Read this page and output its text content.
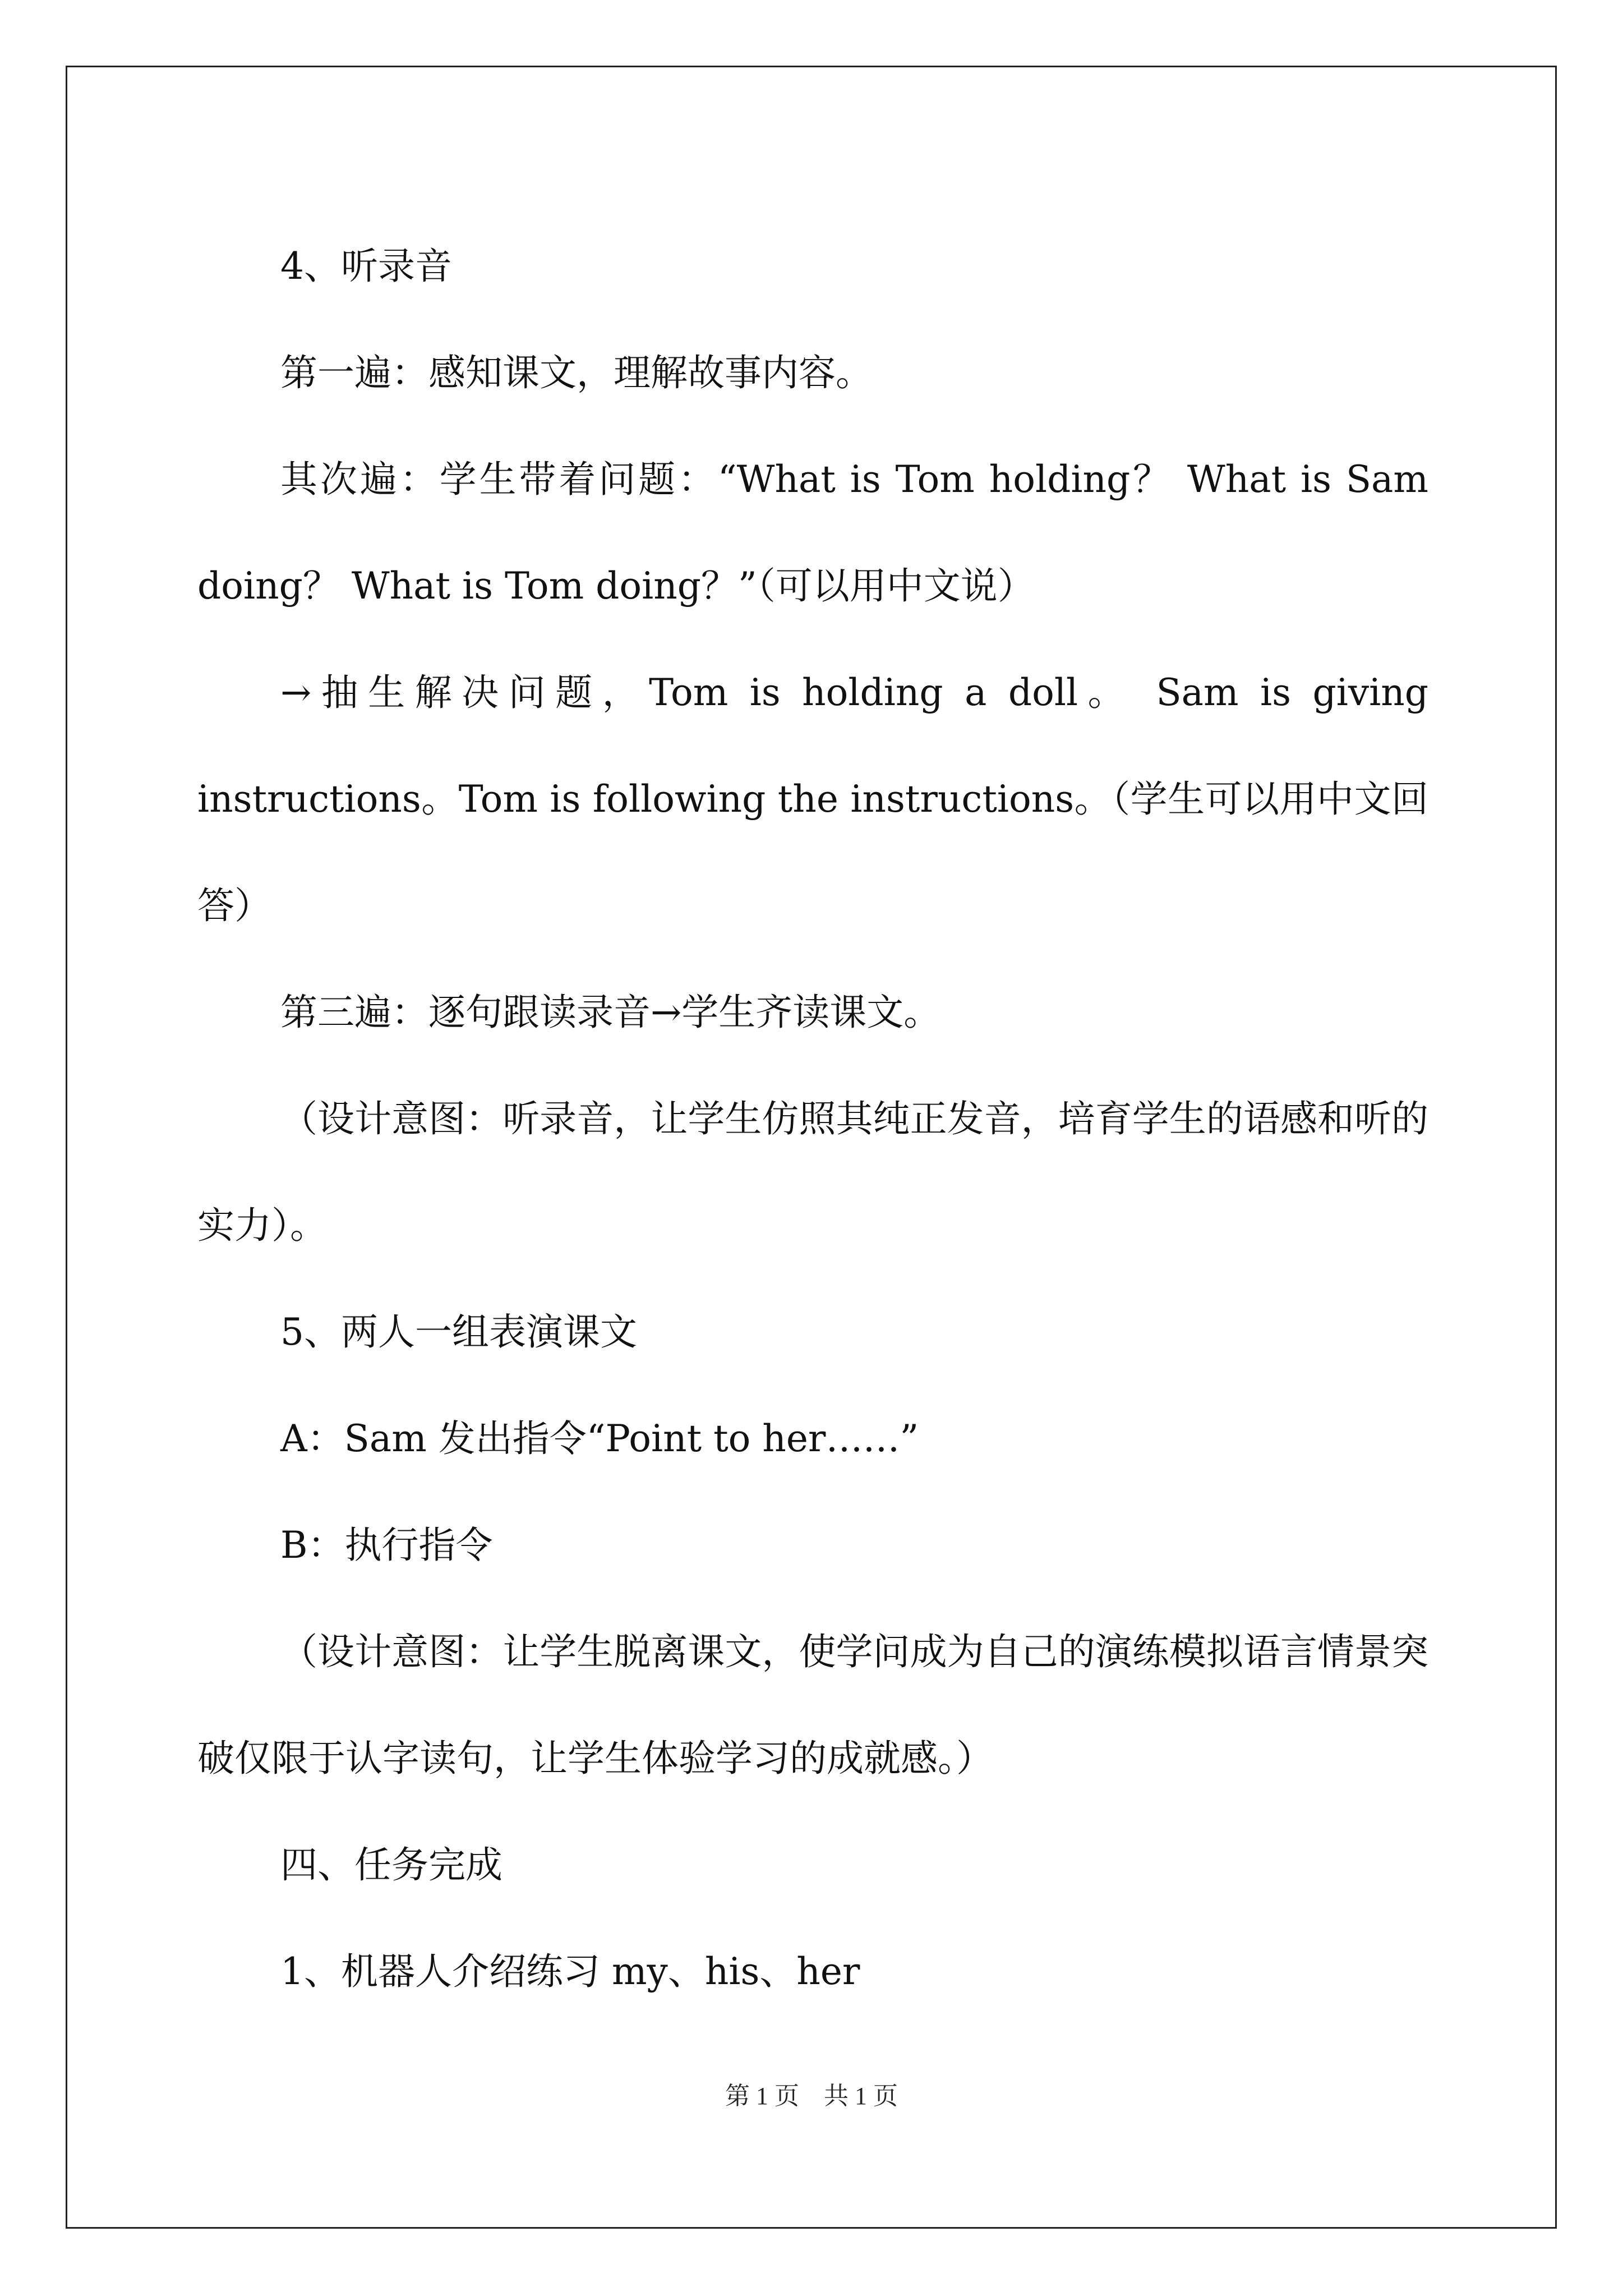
4、听录音

第一遍：感知课文，理解故事内容。

其次遍：学生带着问题：“What is Tom holding？ What is Sam doing？ What is Tom doing？”（可以用中文说）

→抽生解决问题，Tom is holding a doll。 Sam is giving instructions。Tom is following the instructions。（学生可以用中文回答）

第三遍：逐句跟读录音→学生齐读课文。

（设计意图：听录音，让学生仿照其纯正发音，培育学生的语感和听的实力）。

5、两人一组表演课文

A：Sam 发出指令“Point to her……”

B：执行指令

（设计意图：让学生脱离课文，使学问成为自己的演练模拟语言情景突破仅限于认字读句，让学生体验学习的成就感。）

四、任务完成

1、机器人介绍练习 my、his、her

第 1 页　共 1 页
